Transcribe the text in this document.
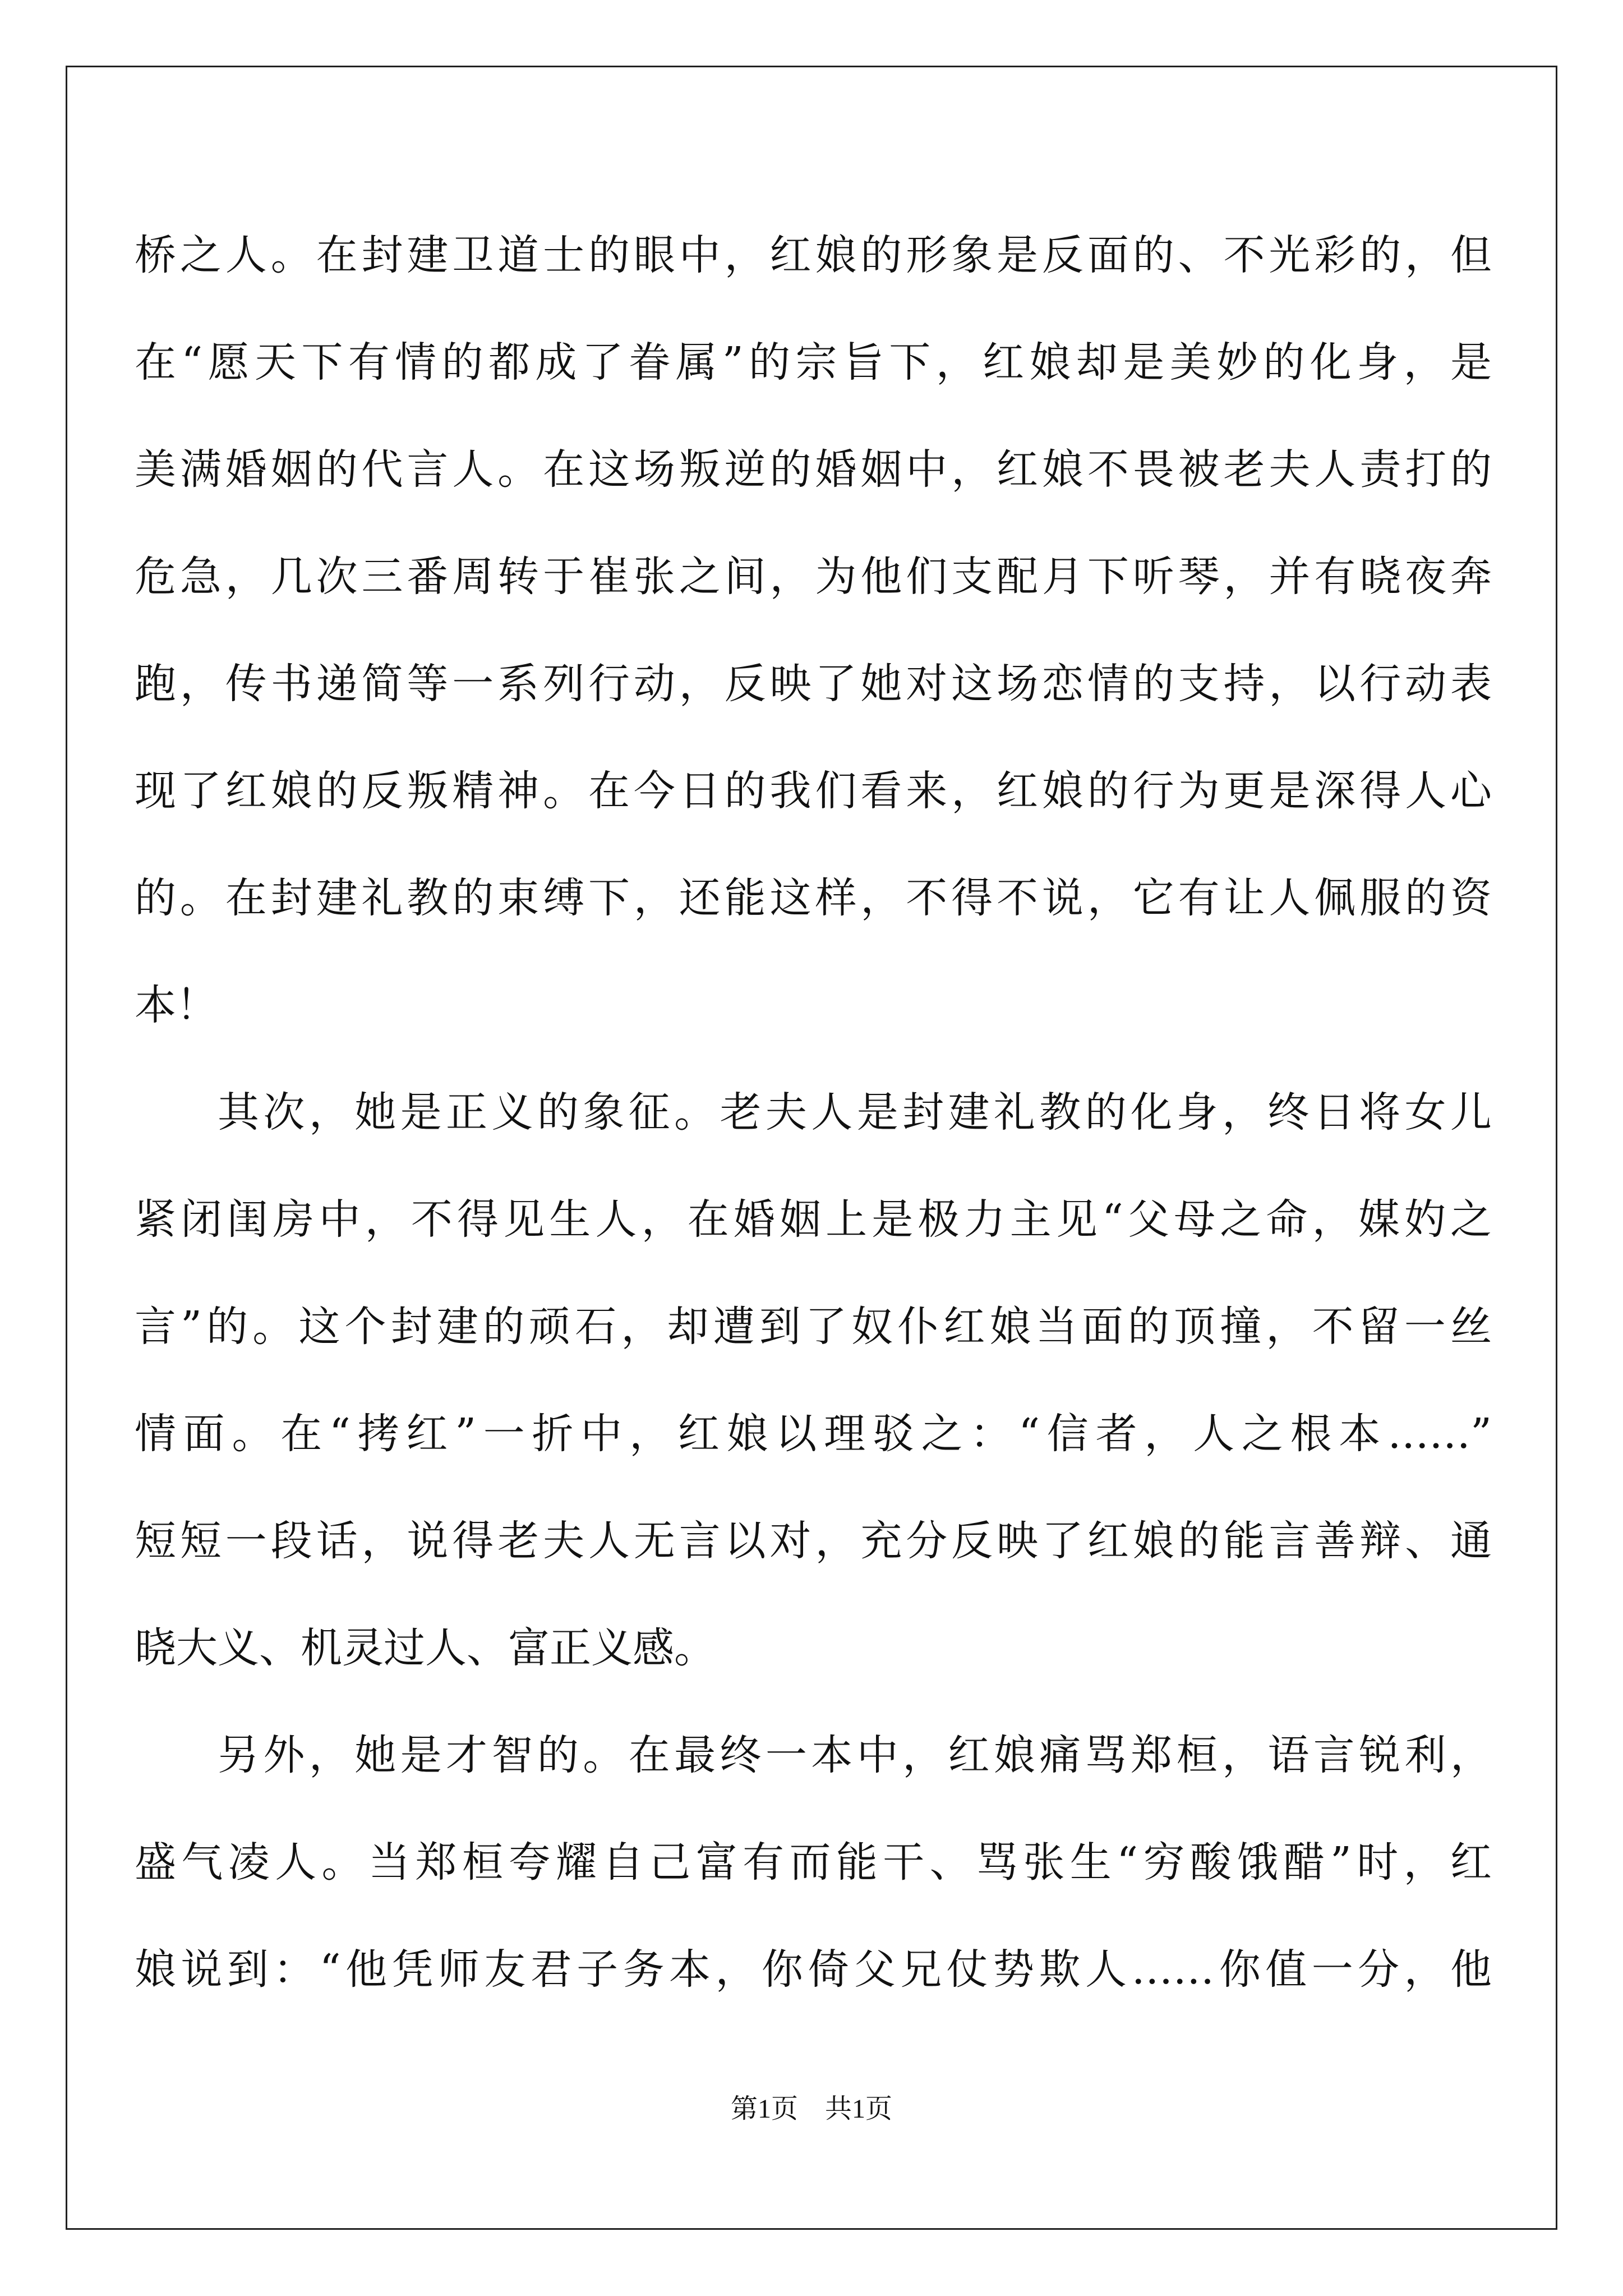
桥之人。在封建卫道士的眼中，红娘的形象是反面的、不光彩的，但
在“愿天下有情的都成了眷属”的宗旨下，红娘却是美妙的化身，是
美满婚姻的代言人。在这场叛逆的婚姻中，红娘不畏被老夫人责打的
危急，几次三番周转于崔张之间，为他们支配月下听琴，并有晓夜奔
跑，传书递简等一系列行动，反映了她对这场恋情的支持，以行动表
现了红娘的反叛精神。在今日的我们看来，红娘的行为更是深得人心
的。在封建礼教的束缚下，还能这样，不得不说，它有让人佩服的资
本！
其次，她是正义的象征。老夫人是封建礼教的化身，终日将女儿
紧闭闺房中，不得见生人，在婚姻上是极力主见“父母之命，媒妁之
言”的。这个封建的顽石，却遭到了奴仆红娘当面的顶撞，不留一丝
情面。在“拷红”一折中，红娘以理驳之：“信者，人之根本……”
短短一段话，说得老夫人无言以对，充分反映了红娘的能言善辩、通
晓大义、机灵过人、富正义感。
另外，她是才智的。在最终一本中，红娘痛骂郑桓，语言锐利，
盛气凌人。当郑桓夸耀自己富有而能干、骂张生“穷酸饿醋”时，红
娘说到：“他凭师友君子务本，你倚父兄仗势欺人……你值一分，他
第1页　共1页
